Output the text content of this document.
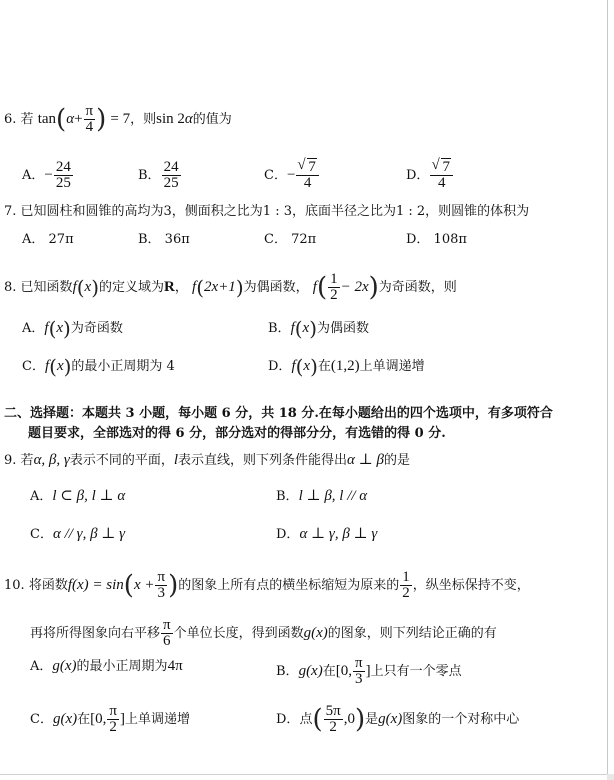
6. 若 $\tan(\alpha+ \frac{\pi}{4}$ ) = 7，则sin 2α的值为
A．− $\frac{24}{25}$	B． $\frac{24}{25}$	C．− √ $\frac{7}{4}$	D． √ $\frac{7}{4}$
7. 已知圆柱和圆锥的高均为3，侧面积之比为1 : 3，底面半径之比为1 : 2，则圆锥的体积为
A． 27π	B． 36π	C． 72π	D． 108π
8. 已知函数f(x)的定义域为R， f(2x+1)为偶函数， $f( \frac{1}{2} - 2x)$为奇函数，则
A．f(x)为奇函数	B．f(x)为偶函数
C．f(x)的最小正周期为 4	D．f(x)在(1,2)上单调递增
二、选择题：本题共 3 小题，每小题 6 分，共 18 分.在每小题给出的四个选项中，有多项符合
题目要求，全部选对的得 6 分，部分选对的得部分分，有选错的得 0 分.
9. 若α, β, γ表示不同的平面，l表示直线，则下列条件能得出α ⊥ β的是
A．l ⊂ β, l ⊥ α	B．l ⊥ β, l // α
C．α // γ, β ⊥ γ	D．α ⊥ γ, β ⊥ γ
10. 将函数$f(x) = \sin(x + \frac{\pi}{3}$ )的图象上所有点的横坐标缩短为原来的 $\frac{1}{2}$ ，纵坐标保持不变，
再将所得图象向右平移 $\frac{\pi}{6}$ 个单位长度，得到函数g(x)的图象，则下列结论正确的有
A．g(x)的最小正周期为4π	B．g(x)在[0, $\frac{\pi}{3}$ ]上只有一个零点
C．g(x)在[0, $\frac{\pi}{2}$ ]上单调递增	D．点( $\frac{5\pi}{2} ,0$)是g(x)图象的一个对称中心
